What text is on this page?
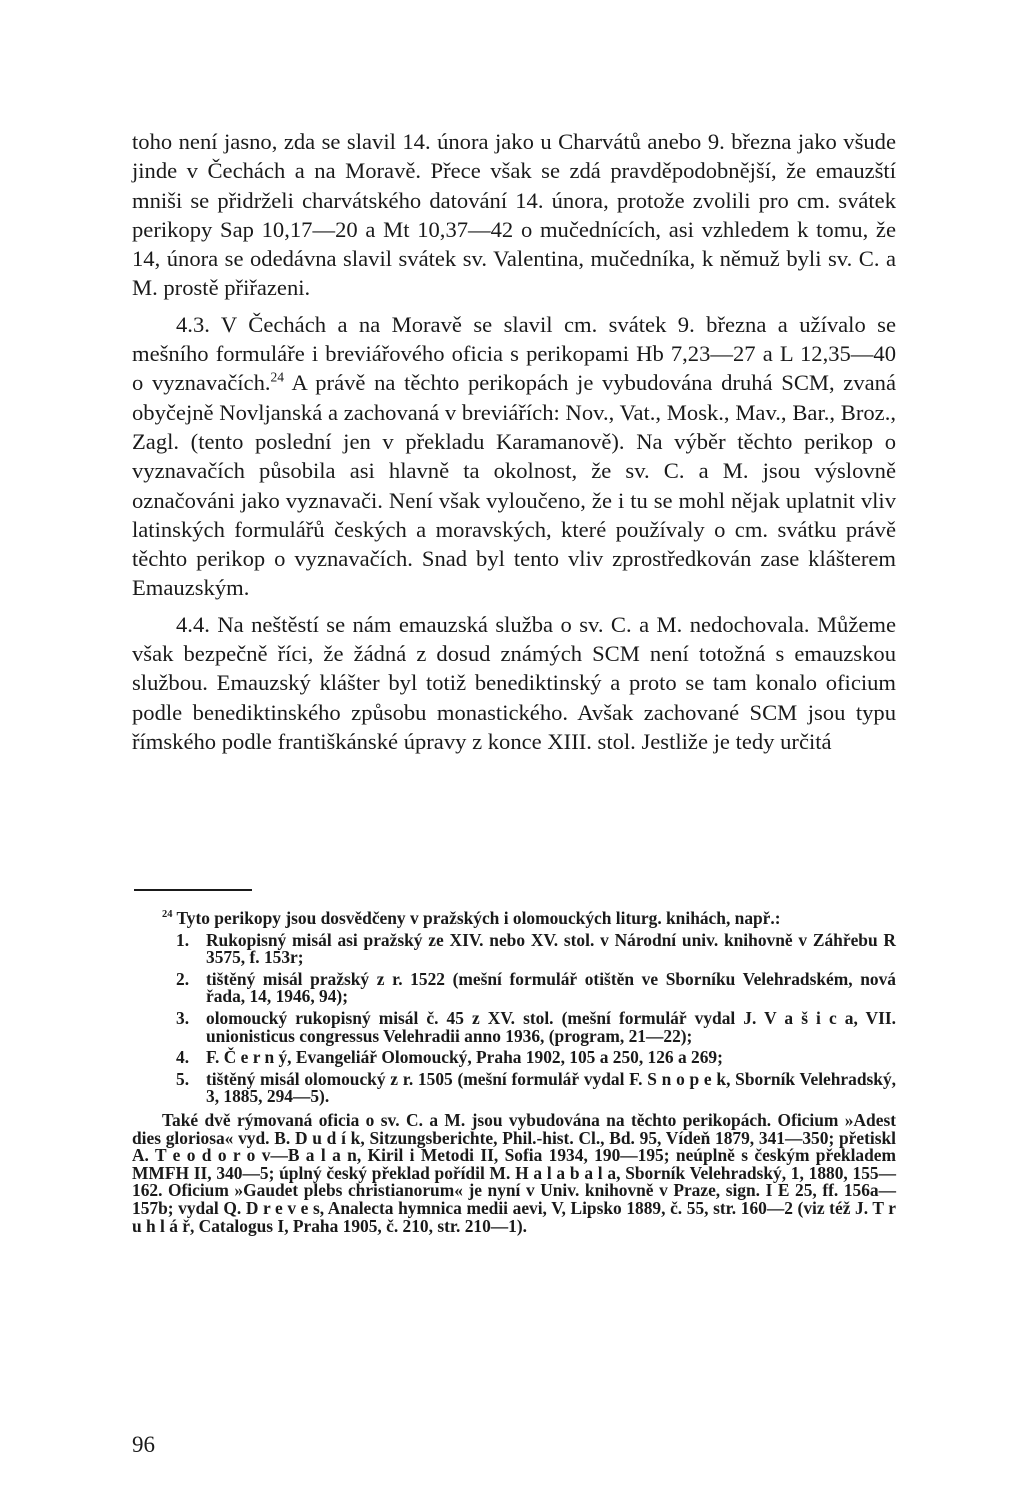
toho není jasno, zda se slavil 14. února jako u Charvátů anebo 9. března jako všude jinde v Čechách a na Moravě. Přece však se zdá pravděpodobnější, že emauzští mniši se přidrželi charvátského datování 14. února, protože zvolili pro cm. svátek perikopy Sap 10,17—20 a Mt 10,37—42 o mučednících, asi vzhledem k tomu, že 14, února se odedávna slavil svátek sv. Valentina, mučedníka, k němuž byli sv. C. a M. prostě přiřazeni.

4.3. V Čechách a na Moravě se slavil cm. svátek 9. března a užívalo se mešního formuláře i breviářového oficia s perikopami Hb 7,23—27 a L 12,35—40 o vyznavačích.$^{24}$ A právě na těchto perikopách je vybudována druhá SCM, zvaná obyčejně Novljanská a zachovaná v breviářích: Nov., Vat., Mosk., Mav., Bar., Broz., Zagl. (tento poslední jen v překladu Karamanově). Na výběr těchto perikop o vyznavačích působila asi hlavně ta okolnost, že sv. C. a M. jsou výslovně označováni jako vyznavači. Není však vyloučeno, že i tu se mohl nějak uplatnit vliv latinských formulářů českých a moravských, které používaly o cm. svátku právě těchto perikop o vyznavačích. Snad byl tento vliv zprostředkován zase klášterem Emauzským.

4.4. Na neštěstí se nám emauzská služba o sv. C. a M. nedochovala. Můžeme však bezpečně říci, že žádná z dosud známých SCM není totožná s emauzskou službou. Emauzský klášter byl totiž benediktinský a proto se tam konalo oficium podle benediktinského způsobu monastického. Avšak zachované SCM jsou typu římského podle františkánské úpravy z konce XIII. stol. Jestliže je tedy určitá

$^{24}$ Tyto perikopy jsou dosvědčeny v pražských i olomouckých liturg. knihách, např.:

1. Rukopisný misál asi pražský ze XIV. nebo XV. stol. v Národní univ. knihovně v Záhřebu R 3575, f. 153r;
2. tištěný misál pražský z r. 1522 (mešní formulář otištěn ve Sborníku Velehradském, nová řada, 14, 1946, 94);
3. olomoucký rukopisný misál č. 45 z XV. stol. (mešní formulář vydal J. V a š i c a, VII. unionisticus congressus Velehradii anno 1936, (program, 21—22);
4. F. Č e r n ý, Evangeliář Olomoucký, Praha 1902, 105 a 250, 126 a 269;
5. tištěný misál olomoucký z r. 1505 (mešní formulář vydal F. S n o p e k, Sborník Velehradský, 3, 1885, 294—5).

Také dvě rýmovaná oficia o sv. C. a M. jsou vybudována na těchto perikopách. Oficium »Adest dies gloriosa« vyd. B. D u d í k, Sitzungsberichte, Phil.-hist. Cl., Bd. 95, Vídeň 1879, 341—350; přetiskl A. T e o d o r o v—B a l a n, Kiril i Metodi II, Sofia 1934, 190—195; neúplně s českým překladem MMFH II, 340—5; úplný český překlad pořídil M. H a l a b a l a, Sborník Velehradský, 1, 1880, 155—162. Oficium »Gaudet plebs christianorum« je nyní v Univ. knihovně v Praze, sign. I E 25, ff. 156a—157b; vydal Q. D r e v e s, Analecta hymnica medii aevi, V, Lipsko 1889, č. 55, str. 160—2 (viz též J. T r u h l á ř, Catalogus I, Praha 1905, č. 210, str. 210—1).

96
